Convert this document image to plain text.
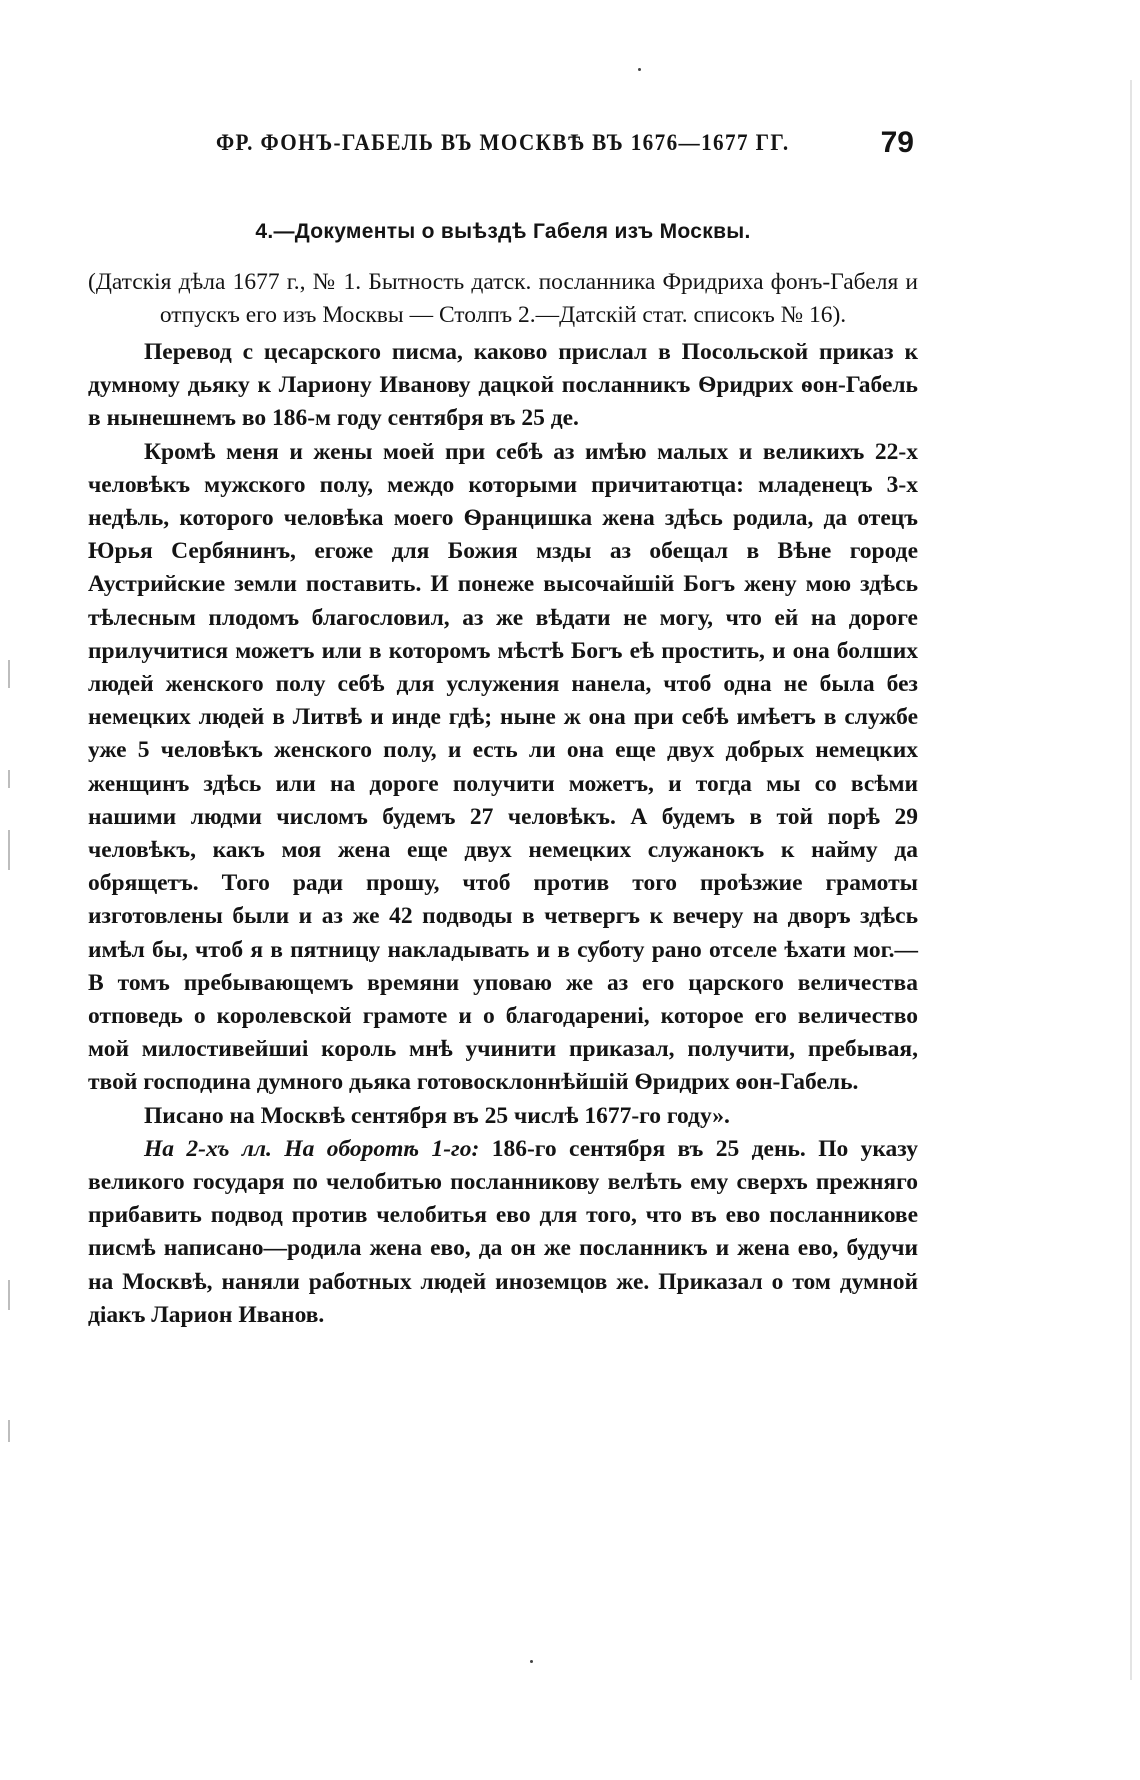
ФР. ФОНЪ-ГАБЕЛЬ ВЪ МОСКВѢ ВЪ 1676—1677 ГГ.	79
4.—Документы о выѣздѣ Габеля изъ Москвы.
(Датскія дѣла 1677 г., № 1. Бытность датск. посланника Фридриха фонъ-Габеля и отпускъ его изъ Москвы — Столпъ 2.—Датскій стат. списокъ № 16).

Перевод с цесарского писма, каково прислал в Посольской приказ к думному дьяку к Лариону Иванову дацкой посланникъ Ѳридрих ѳон-Габель в нынешнемъ во 186-м году сентября въ 25 де.

Кромѣ меня и жены моей при себѣ аз имѣю малых и великихъ 22-х человѣкъ мужского полу, междо которыми причитаютца: младенецъ 3-х недѣль, которого человѣка моего Ѳранцишка жена здѣсь родила, да отецъ Юрья Сербянинъ, егоже для Божия мзды аз обещал в Вѣне городе Аустрийские земли поставить. И понеже высочайшій Богъ жену мою здѣсь тѣлесным плодомъ благословил, аз же вѣдати не могу, что ей на дороге прилучитися можетъ или в которомъ мѣстѣ Богъ еѣ простить, и она болших людей женского полу себѣ для услужения нанела, чтоб одна не была без немецких людей в Литвѣ и инде гдѣ; ныне ж она при себѣ имѣетъ в службе уже 5 человѣкъ женского полу, и есть ли она еще двух добрых немецких женщинъ здѣсь или на дороге получити можетъ, и тогда мы со всѣми нашими людми числомъ будемъ 27 человѣкъ. А будемъ в той порѣ 29 человѣкъ, какъ моя жена еще двух немецких служанокъ к найму да обрящетъ. Того ради прошу, чтоб против того проѣзжие грамоты изготовлены были и аз же 42 подводы в четвергъ к вечеру на дворъ здѣсь имѣл бы, чтоб я в пятницу накладывать и в суботу рано отселе ѣхати мог.— В томъ пребывающемъ времяни уповаю же аз его царского величества отповедь о королевской грамоте и о благодарениі, которое его величество мой милостивейшиі король мнѣ учинити приказал, получити, пребывая, твой господина думного дьяка готовосклоннѣйшій Ѳридрих ѳон-Габель.

Писано на Москвѣ сентября въ 25 числѣ 1677-го году».

На 2-хъ лл. На оборотѣ 1-го: 186-го сентября въ 25 день. По указу великого государя по челобитью посланникову велѣть ему сверхъ прежняго прибавить подвод против челобитья ево для того, что въ ево посланникове писмѣ написано—родила жена ево, да он же посланникъ и жена ево, будучи на Москвѣ, наняли работных людей иноземцов же. Приказал о том думной діакъ Ларион Иванов.
